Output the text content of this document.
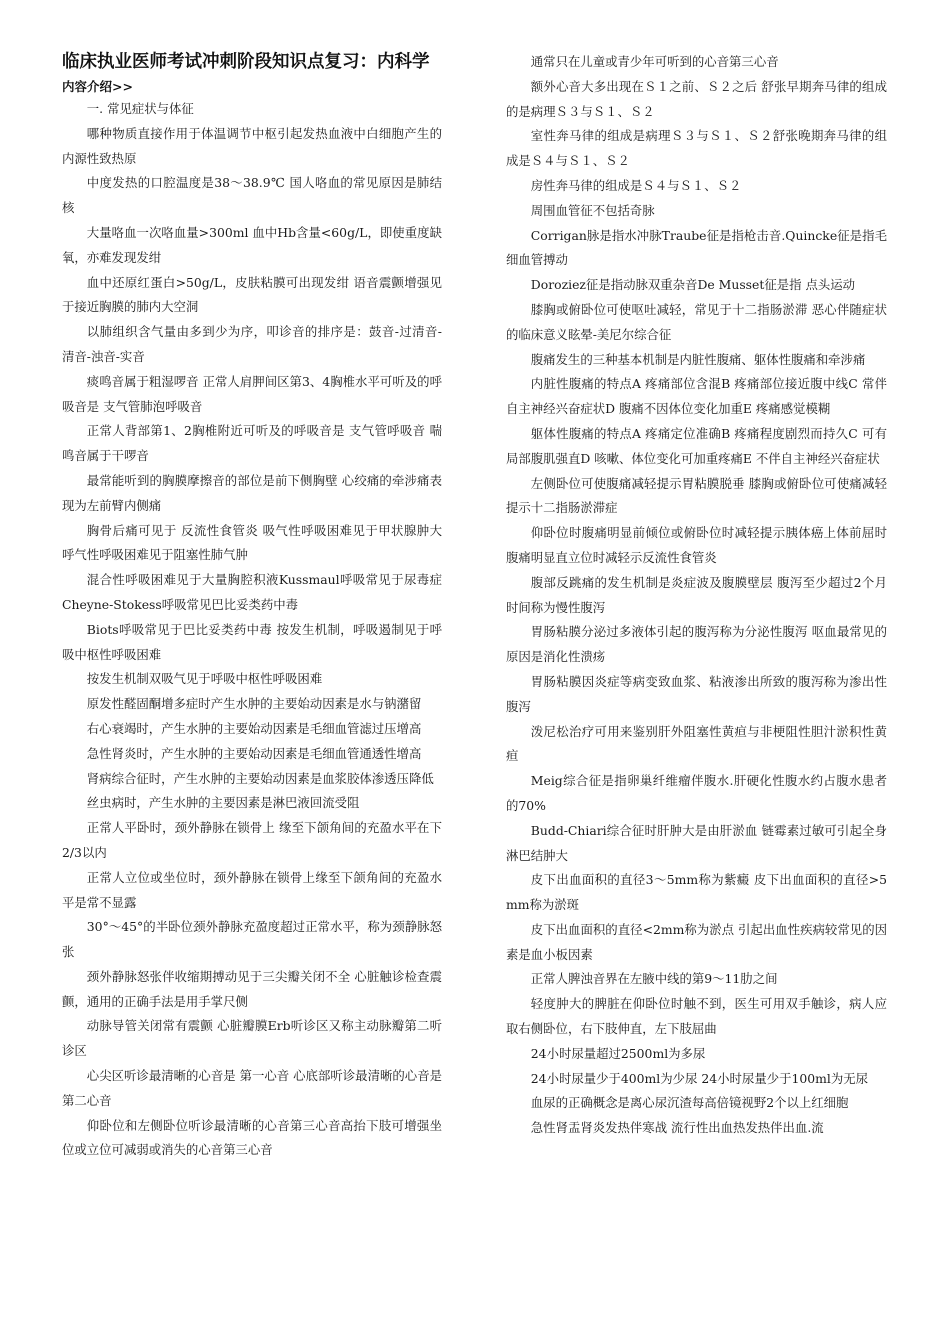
临床执业医师考试冲刺阶段知识点复习：内科学
内容介绍>>

一. 常见症状与体征

哪种物质直接作用于体温调节中枢引起发热血液中白细胞产生的内源性致热原

中度发热的口腔温度是38～38.9℃ 国人咯血的常见原因是肺结核

大量咯血一次咯血量>300ml 血中Hb含量<60g/L，即使重度缺氧，亦难发现发绀

血中还原红蛋白>50g/L，皮肤粘膜可出现发绀 语音震颤增强见于接近胸膜的肺内大空洞

以肺组织含气量由多到少为序，叩诊音的排序是：鼓音-过清音-清音-浊音-实音

痰鸣音属于粗湿啰音 正常人肩胛间区第3、4胸椎水平可听及的呼吸音是 支气管肺泡呼吸音

正常人背部第1、2胸椎附近可听及的呼吸音是 支气管呼吸音 喘鸣音属于干啰音

最常能听到的胸膜摩擦音的部位是前下侧胸壁 心绞痛的牵涉痛表现为左前臂内侧痛

胸骨后痛可见于 反流性食管炎 吸气性呼吸困难见于甲状腺肿大 呼气性呼吸困难见于阻塞性肺气肿

混合性呼吸困难见于大量胸腔积液Kussmaul呼吸常见于尿毒症Cheyne-Stokess呼吸常见巴比妥类药中毒

Biots呼吸常见于巴比妥类药中毒 按发生机制，呼吸遏制见于呼吸中枢性呼吸困难

按发生机制双吸气见于呼吸中枢性呼吸困难

原发性醛固酮增多症时产生水肿的主要始动因素是水与钠潴留

右心衰竭时，产生水肿的主要始动因素是毛细血管滤过压增高

急性肾炎时，产生水肿的主要始动因素是毛细血管通透性增高

肾病综合征时，产生水肿的主要始动因素是血浆胶体渗透压降低

丝虫病时，产生水肿的主要因素是淋巴液回流受阻

正常人平卧时，颈外静脉在锁骨上 缘至下颌角间的充盈水平在下2/3以内

正常人立位或坐位时，颈外静脉在锁骨上缘至下颌角间的充盈水平是常不显露

30°～45°的半卧位颈外静脉充盈度超过正常水平，称为颈静脉怒张

颈外静脉怒张伴收缩期搏动见于三尖瓣关闭不全 心脏触诊检查震颤，通用的正确手法是用手掌尺侧

动脉导管关闭常有震颤 心脏瓣膜Erb听诊区又称主动脉瓣第二听诊区

心尖区听诊最清晰的心音是 第一心音 心底部听诊最清晰的心音是第二心音

仰卧位和左侧卧位听诊最清晰的心音第三心音高抬下肢可增强坐位或立位可减弱或消失的心音第三心音

通常只在儿童或青少年可听到的心音第三心音

额外心音大多出现在Ｓ１之前、Ｓ２之后 舒张早期奔马律的组成的是病理Ｓ３与Ｓ１、Ｓ２

室性奔马律的组成是病理Ｓ３与Ｓ１、Ｓ２舒张晚期奔马律的组成是Ｓ４与Ｓ１、Ｓ２

房性奔马律的组成是Ｓ４与Ｓ１、Ｓ２

周围血管征不包括奇脉

Corrigan脉是指水冲脉Traube征是指枪击音.Quincke征是指毛细血管搏动

Doroziez征是指动脉双重杂音De Musset征是指 点头运动

膝胸或俯卧位可使呕吐减轻，常见于十二指肠淤滞 恶心伴随症状的临床意义眩晕-美尼尔综合征

腹痛发生的三种基本机制是内脏性腹痛、躯体性腹痛和牵涉痛

内脏性腹痛的特点A 疼痛部位含混B 疼痛部位接近腹中线C 常伴自主神经兴奋症状D 腹痛不因体位变化加重E 疼痛感觉模糊

躯体性腹痛的特点A 疼痛定位准确B 疼痛程度剧烈而持久C 可有局部腹肌强直D 咳嗽、体位变化可加重疼痛E 不伴自主神经兴奋症状

左侧卧位可使腹痛减轻提示胃粘膜脱垂 膝胸或俯卧位可使痛减轻提示十二指肠淤滞症

仰卧位时腹痛明显前倾位或俯卧位时减轻提示胰体癌上体前屈时腹痛明显直立位时减轻示反流性食管炎

腹部反跳痛的发生机制是炎症波及腹膜壁层 腹泻至少超过2个月时间称为慢性腹泻

胃肠粘膜分泌过多液体引起的腹泻称为分泌性腹泻 呕血最常见的原因是消化性溃疡

胃肠粘膜因炎症等病变致血浆、粘液渗出所致的腹泻称为渗出性腹泻

泼尼松治疗可用来鉴别肝外阻塞性黄疸与非梗阻性胆汁淤积性黄疸

Meig综合征是指卵巢纤维瘤伴腹水.肝硬化性腹水约占腹水患者的70%

Budd-Chiari综合征时肝肿大是由肝淤血 链霉素过敏可引起全身淋巴结肿大

皮下出血面积的直径3～5mm称为紫癜 皮下出血面积的直径>5mm称为淤斑

皮下出血面积的直径<2mm称为淤点 引起出血性疾病较常见的因素是血小板因素

正常人脾浊音界在左腋中线的第9～11肋之间

轻度肿大的脾脏在仰卧位时触不到，医生可用双手触诊，病人应取右侧卧位，右下肢伸直，左下肢屈曲

24小时尿量超过2500ml为多尿

24小时尿量少于400ml为少尿 24小时尿量少于100ml为无尿

血尿的正确概念是离心尿沉渣每高倍镜视野2个以上红细胞

急性肾盂肾炎发热伴寒战 流行性出血热发热伴出血.流
